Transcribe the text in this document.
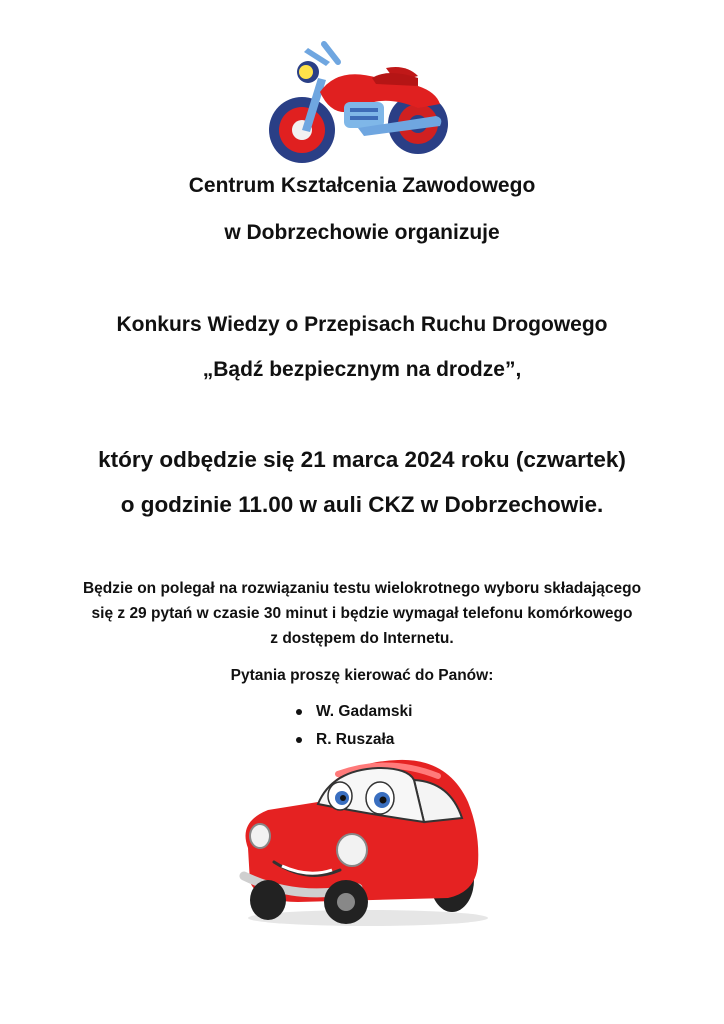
Centrum Kształcenia Zawodowego
w Dobrzechowie organizuje
Konkurs Wiedzy o Przepisach Ruchu Drogowego
„Bądź bezpiecznym na drodze”,
który odbędzie się 21 marca 2024 roku (czwartek)
o godzinie 11.00 w auli CKZ w Dobrzechowie.
Będzie on polegał na rozwiązaniu testu wielokrotnego wyboru składającego
się z 29 pytań w czasie 30 minut i będzie wymagał telefonu komórkowego
z dostępem do Internetu.
Pytania proszę kierować do Panów:
W. Gadamski
R. Ruszała
